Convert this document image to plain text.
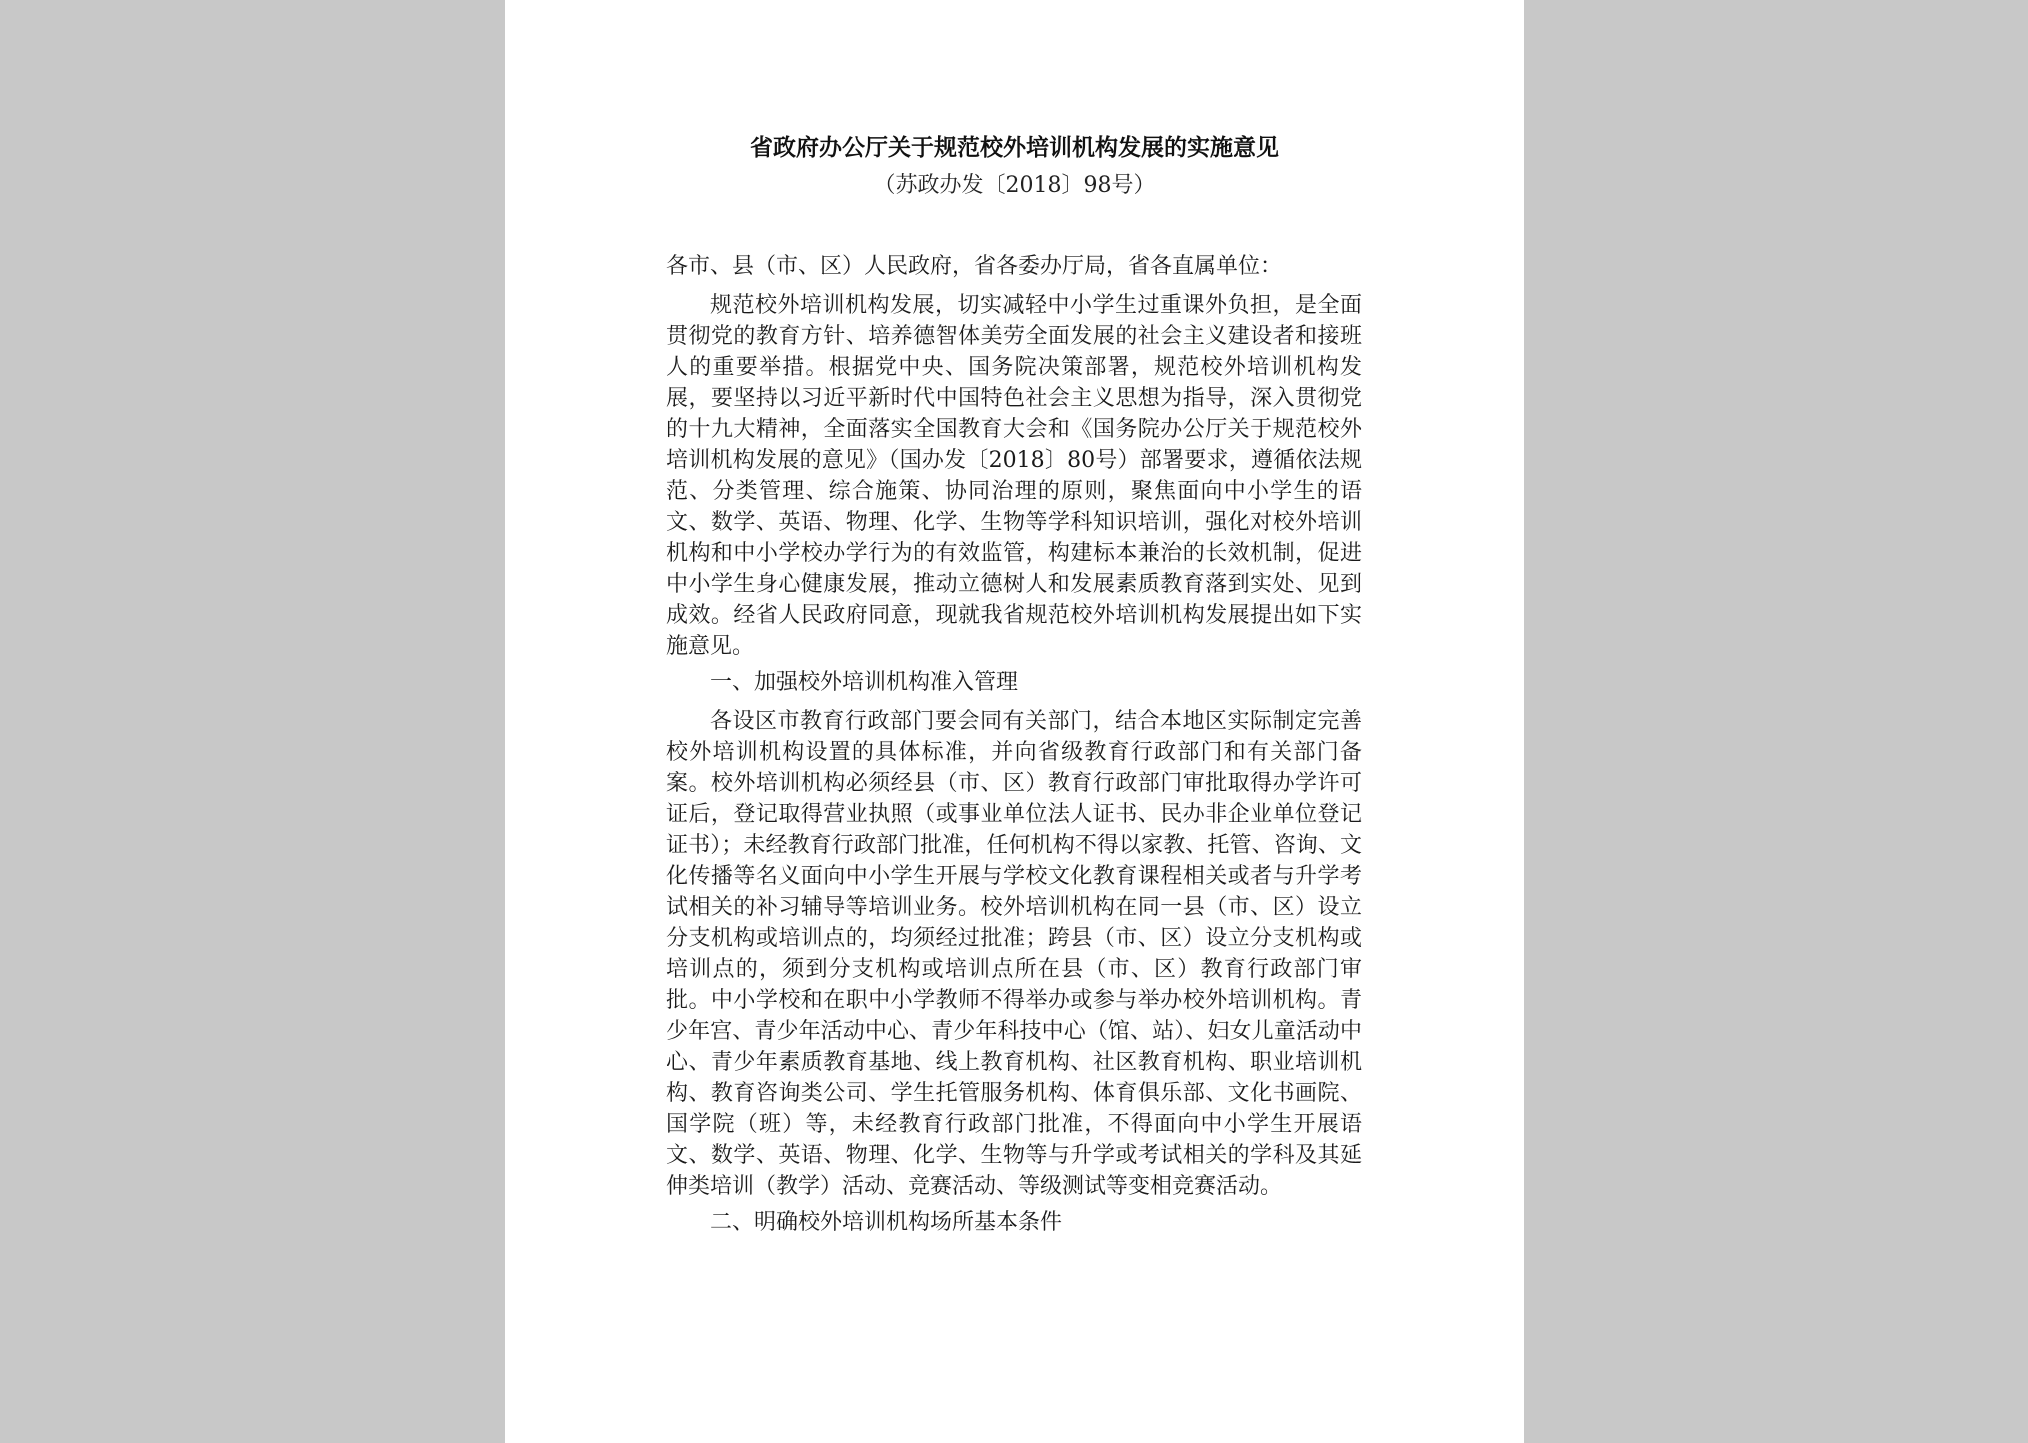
省政府办公厅关于规范校外培训机构发展的实施意见
（苏政办发〔2018〕98号）

各市、县（市、区）人民政府，省各委办厅局，省各直属单位：

规范校外培训机构发展，切实减轻中小学生过重课外负担，是全面贯彻党的教育方针、培养德智体美劳全面发展的社会主义建设者和接班人的重要举措。根据党中央、国务院决策部署，规范校外培训机构发展，要坚持以习近平新时代中国特色社会主义思想为指导，深入贯彻党的十九大精神，全面落实全国教育大会和《国务院办公厅关于规范校外培训机构发展的意见》（国办发〔2018〕80号）部署要求，遵循依法规范、分类管理、综合施策、协同治理的原则，聚焦面向中小学生的语文、数学、英语、物理、化学、生物等学科知识培训，强化对校外培训机构和中小学校办学行为的有效监管，构建标本兼治的长效机制，促进中小学生身心健康发展，推动立德树人和发展素质教育落到实处、见到成效。经省人民政府同意，现就我省规范校外培训机构发展提出如下实施意见。

一、加强校外培训机构准入管理

各设区市教育行政部门要会同有关部门，结合本地区实际制定完善校外培训机构设置的具体标准，并向省级教育行政部门和有关部门备案。校外培训机构必须经县（市、区）教育行政部门审批取得办学许可证后，登记取得营业执照（或事业单位法人证书、民办非企业单位登记证书）；未经教育行政部门批准，任何机构不得以家教、托管、咨询、文化传播等名义面向中小学生开展与学校文化教育课程相关或者与升学考试相关的补习辅导等培训业务。校外培训机构在同一县（市、区）设立分支机构或培训点的，均须经过批准；跨县（市、区）设立分支机构或培训点的，须到分支机构或培训点所在县（市、区）教育行政部门审批。中小学校和在职中小学教师不得举办或参与举办校外培训机构。青少年宫、青少年活动中心、青少年科技中心（馆、站）、妇女儿童活动中心、青少年素质教育基地、线上教育机构、社区教育机构、职业培训机构、教育咨询类公司、学生托管服务机构、体育俱乐部、文化书画院、国学院（班）等，未经教育行政部门批准，不得面向中小学生开展语文、数学、英语、物理、化学、生物等与升学或考试相关的学科及其延伸类培训（教学）活动、竞赛活动、等级测试等变相竞赛活动。

二、明确校外培训机构场所基本条件
